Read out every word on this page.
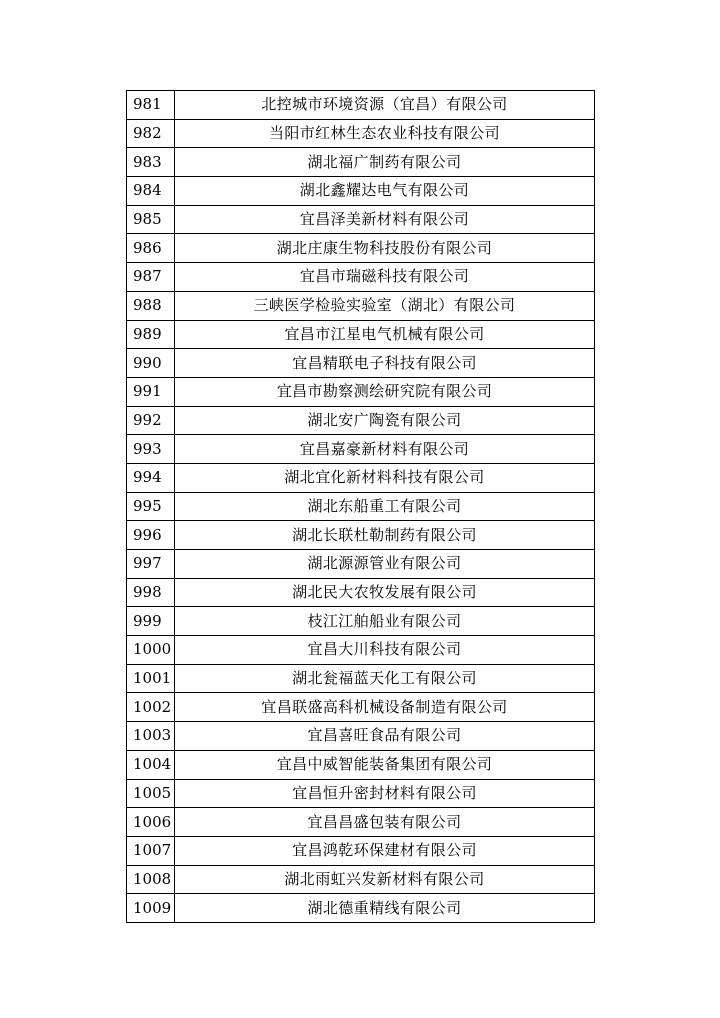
981	北控城市环境资源（宜昌）有限公司
982	当阳市红林生态农业科技有限公司
983	湖北福广制药有限公司
984	湖北鑫耀达电气有限公司
985	宜昌泽美新材料有限公司
986	湖北庄康生物科技股份有限公司
987	宜昌市瑞磁科技有限公司
988	三峡医学检验实验室（湖北）有限公司
989	宜昌市江星电气机械有限公司
990	宜昌精联电子科技有限公司
991	宜昌市勘察测绘研究院有限公司
992	湖北安广陶瓷有限公司
993	宜昌嘉豪新材料有限公司
994	湖北宜化新材料科技有限公司
995	湖北东船重工有限公司
996	湖北长联杜勒制药有限公司
997	湖北源源管业有限公司
998	湖北民大农牧发展有限公司
999	枝江江舶船业有限公司
1000	宜昌大川科技有限公司
1001	湖北瓮福蓝天化工有限公司
1002	宜昌联盛高科机械设备制造有限公司
1003	宜昌喜旺食品有限公司
1004	宜昌中威智能装备集团有限公司
1005	宜昌恒升密封材料有限公司
1006	宜昌昌盛包装有限公司
1007	宜昌鸿乾环保建材有限公司
1008	湖北雨虹兴发新材料有限公司
1009	湖北德重精线有限公司
